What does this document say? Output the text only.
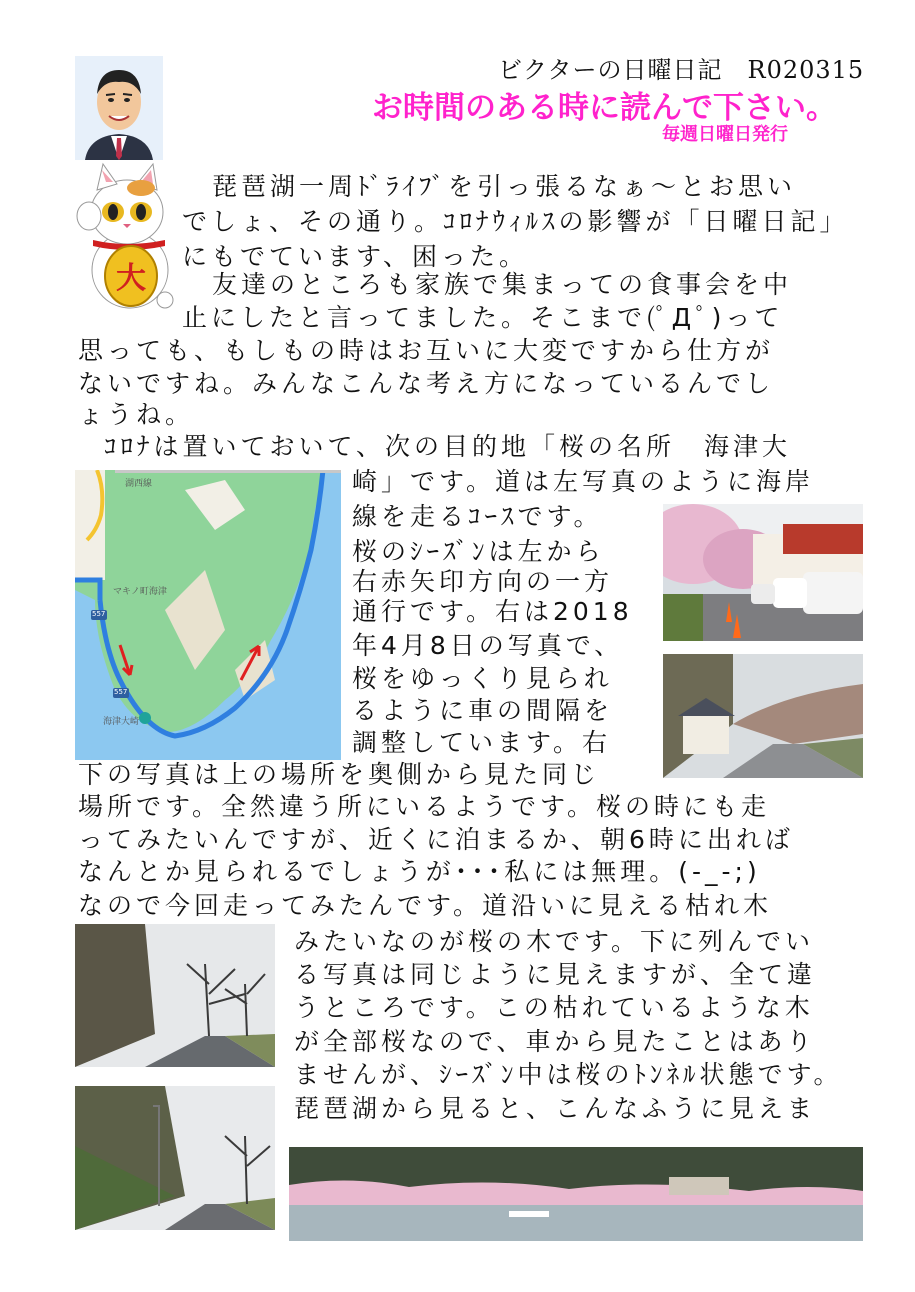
ビクターの日曜日記　R020315
お時間のある時に読んで下さい。
毎週日曜日発行
大
琵琶湖一周ﾄﾞﾗｲﾌﾞを引っ張るなぁ～とお思い
でしょ、その通り。ｺﾛﾅｳｨﾙｽの影響が「日曜日記」
にもでています、困った。
友達のところも家族で集まっての食事会を中
止にしたと言ってました。そこまで(ﾟДﾟ)って
思っても、もしもの時はお互いに大変ですから仕方が
ないですね。みんなこんな考え方になっているんでし
ょうね。
ｺﾛﾅは置いておいて、次の目的地「桜の名所　海津大
崎」です。道は左写真のように海岸
線を走るｺｰｽです。
桜のｼｰｽﾞﾝは左から
右赤矢印方向の一方
通行です。右は2018
年4月8日の写真で、
桜をゆっくり見られ
るように車の間隔を
調整しています。右
下の写真は上の場所を奥側から見た同じ
場所です。全然違う所にいるようです。桜の時にも走
ってみたいんですが、近くに泊まるか、朝6時に出れば
なんとか見られるでしょうが･･･私には無理。(-_-;)
なので今回走ってみたんです。道沿いに見える枯れ木
みたいなのが桜の木です。下に列んでい
る写真は同じように見えますが、全て違
うところです。この枯れているような木
が全部桜なので、車から見たことはあり
ませんが、ｼｰｽﾞﾝ中は桜のﾄﾝﾈﾙ状態です。
琵琶湖から見ると、こんなふうに見えま
湖西線
マキノ町海津
海津大崎
557
557
